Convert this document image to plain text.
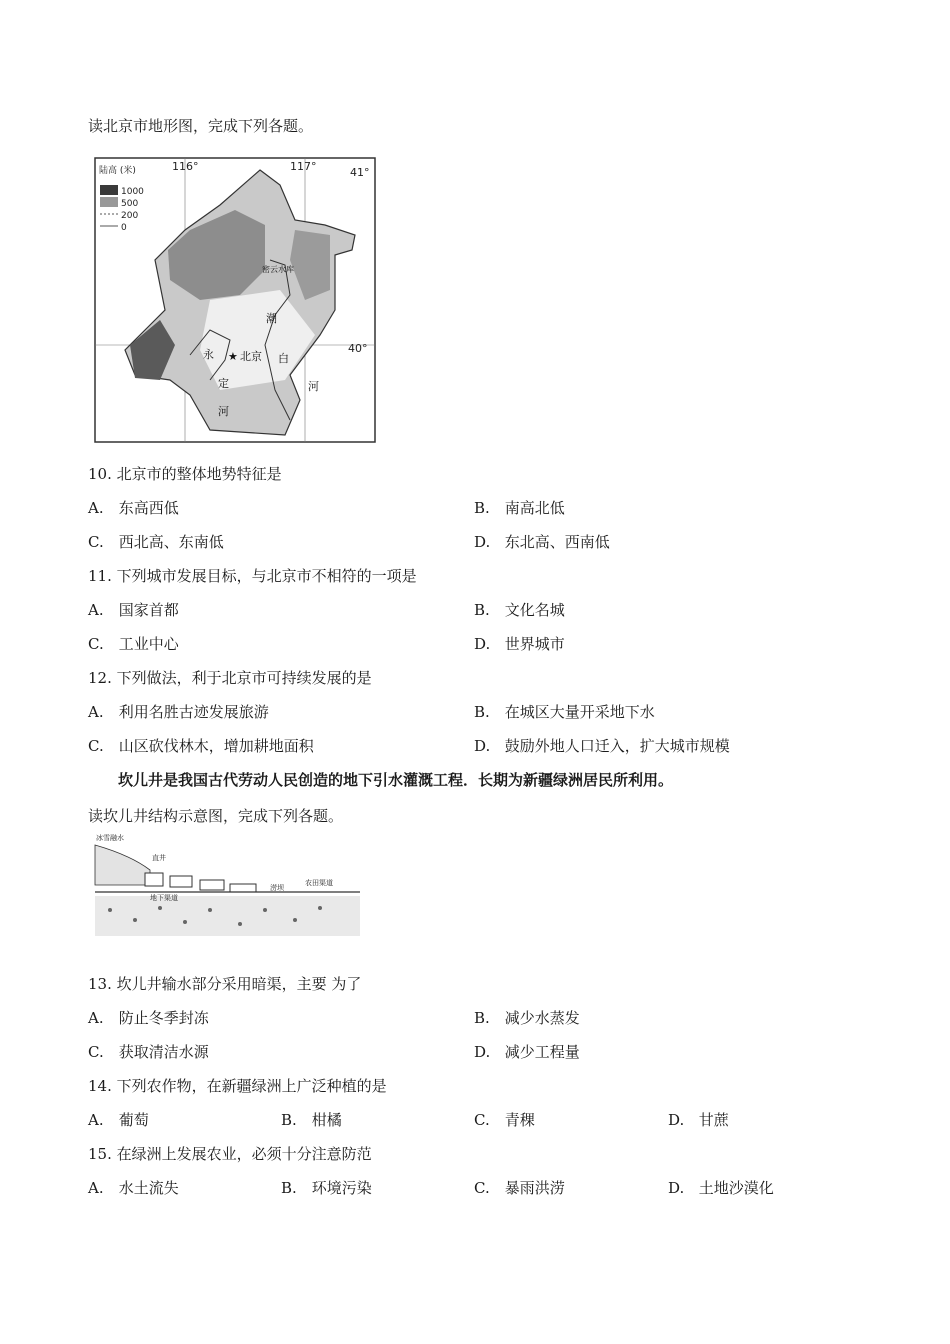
读北京市地形图，完成下列各题。
陆高 (米)
1000
500
200
0
116°	117°	41°
40°
密云水库
潮
白
河
永
定
河
★ 北京
10. 北京市的整体地势特征是
A. 东高西低	B. 南高北低
C. 西北高、东南低	D. 东北高、西南低
11. 下列城市发展目标，与北京市不相符的一项是
A. 国家首都	B. 文化名城
C. 工业中心	D. 世界城市
12. 下列做法，利于北京市可持续发展的是
A. 利用名胜古迹发展旅游	B. 在城区大量开采地下水
C. 山区砍伐林木，增加耕地面积	D. 鼓励外地人口迁入，扩大城市规模
坎儿井是我国古代劳动人民创造的地下引水灌溉工程．长期为新疆绿洲居民所利用。
读坎儿井结构示意图，完成下列各题。
冰雪融水
直井
地下渠道
涝坝
农田渠道
13. 坎儿井输水部分采用暗渠，主要 为了
A. 防止冬季封冻	B. 减少水蒸发
C. 获取清洁水源	D. 减少工程量
14. 下列农作物，在新疆绿洲上广泛种植的是
A. 葡萄	B. 柑橘	C. 青稞	D. 甘蔗
15. 在绿洲上发展农业，必须十分注意防范
A. 水土流失	B. 环境污染	C. 暴雨洪涝	D. 土地沙漠化
